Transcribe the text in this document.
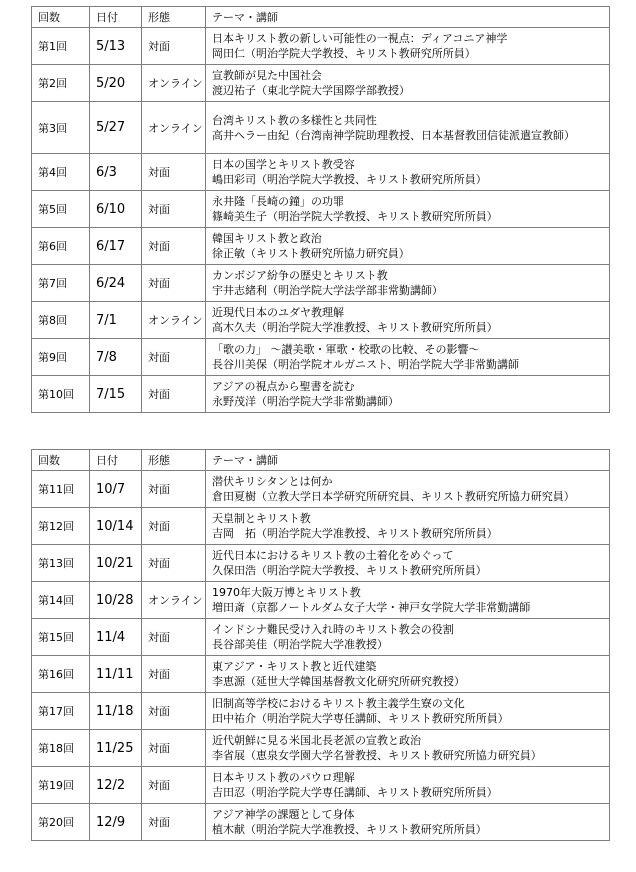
回数	日付	形態	テーマ・講師
第1回	5/13	対面	日本キリスト教の新しい可能性の一視点：ディアコニア神学
岡田仁（明治学院大学教授、キリスト教研究所所員）

第2回	5/20	オンライン	宣教師が見た中国社会
渡辺祐子（東北学院大学国際学部教授）

第3回	5/27	オンライン	台湾キリスト教の多様性と共同性
高井ヘラー由紀（台湾南神学院助理教授、日本基督教団信徒派遣宣教師）

第4回	6/3	対面	日本の国学とキリスト教受容
嶋田彩司（明治学院大学教授、キリスト教研究所所員）

第5回	6/10	対面	永井隆「長崎の鐘」の功罪
篠崎美生子（明治学院大学教授、キリスト教研究所所員）

第6回	6/17	対面	韓国キリスト教と政治
徐正敏（キリスト教研究所協力研究員）

第7回	6/24	対面	カンボジア紛争の歴史とキリスト教
宇井志緒利（明治学院大学法学部非常勤講師）

第8回	7/1	オンライン	近現代日本のユダヤ教理解
高木久夫（明治学院大学准教授、キリスト教研究所所員）

第9回	7/8	対面	「歌の力」 ～讃美歌・軍歌・校歌の比較、その影響～
長谷川美保（明治学院オルガニスト、明治学院大学非常勤講師

第10回	7/15	対面	アジアの視点から聖書を読む
永野茂洋（明治学院大学非常勤講師）
回数	日付	形態	テーマ・講師
第11回	10/7	対面	潜伏キリシタンとは何か
倉田夏樹（立教大学日本学研究所研究員、キリスト教研究所協力研究員）

第12回	10/14	対面	天皇制とキリスト教
吉岡　拓（明治学院大学准教授、キリスト教研究所所員）

第13回	10/21	対面	近代日本におけるキリスト教の土着化をめぐって
久保田浩（明治学院大学教授、キリスト教研究所所員）

第14回	10/28	オンライン	1970年大阪万博とキリスト教
増田斎（京都ノートルダム女子大学・神戸女学院大学非常勤講師

第15回	11/4	対面	インドシナ難民受け入れ時のキリスト教会の役割
長谷部美佳（明治学院大学准教授）

第16回	11/11	対面	東アジア・キリスト教と近代建築
李恵源（延世大学韓国基督教文化研究所研究教授）

第17回	11/18	対面	旧制高等学校におけるキリスト教主義学生寮の文化
田中祐介（明治学院大学専任講師、キリスト教研究所所員）

第18回	11/25	対面	近代朝鮮に見る米国北長老派の宣教と政治
李省展（恵泉女学園大学名誉教授、キリスト教研究所協力研究員）

第19回	12/2	対面	日本キリスト教のパウロ理解
吉田忍（明治学院大学専任講師、キリスト教研究所所員）

第20回	12/9	対面	アジア神学の課題として身体
植木献（明治学院大学准教授、キリスト教研究所所員）
